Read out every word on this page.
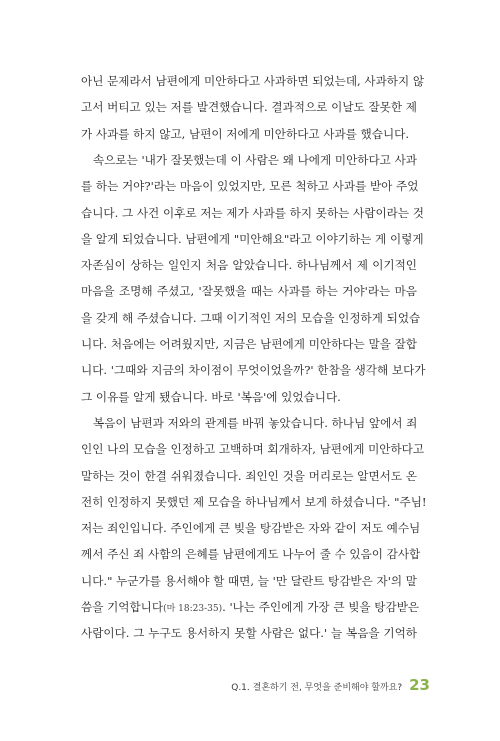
아닌 문제라서 남편에게 미안하다고 사과하면 되었는데, 사과하지 않
고서 버티고 있는 저를 발견했습니다. 결과적으로 이날도 잘못한 제
가 사과를 하지 않고, 남편이 저에게 미안하다고 사과를 했습니다.
속으로는 '내가 잘못했는데 이 사람은 왜 나에게 미안하다고 사과
를 하는 거야?'라는 마음이 있었지만, 모른 척하고 사과를 받아 주었
습니다. 그 사건 이후로 저는 제가 사과를 하지 못하는 사람이라는 것
을 알게 되었습니다. 남편에게 "미안해요"라고 이야기하는 게 이렇게
자존심이 상하는 일인지 처음 알았습니다. 하나님께서 제 이기적인
마음을 조명해 주셨고, '잘못했을 때는 사과를 하는 거야'라는 마음
을 갖게 해 주셨습니다. 그때 이기적인 저의 모습을 인정하게 되었습
니다. 처음에는 어려웠지만, 지금은 남편에게 미안하다는 말을 잘합
니다. '그때와 지금의 차이점이 무엇이었을까?' 한참을 생각해 보다가
그 이유를 알게 됐습니다. 바로 '복음'에 있었습니다.
복음이 남편과 저와의 관계를 바꿔 놓았습니다. 하나님 앞에서 죄
인인 나의 모습을 인정하고 고백하며 회개하자, 남편에게 미안하다고
말하는 것이 한결 쉬워졌습니다. 죄인인 것을 머리로는 알면서도 온
전히 인정하지 못했던 제 모습을 하나님께서 보게 하셨습니다. "주님!
저는 죄인입니다. 주인에게 큰 빚을 탕감받은 자와 같이 저도 예수님
께서 주신 죄 사함의 은혜를 남편에게도 나누어 줄 수 있음이 감사합
니다." 누군가를 용서해야 할 때면, 늘 '만 달란트 탕감받은 자'의 말
씀을 기억합니다(마 18:23-35). '나는 주인에게 가장 큰 빚을 탕감받은
사람이다. 그 누구도 용서하지 못할 사람은 없다.' 늘 복음을 기억하
Q.1. 결혼하기 전, 무엇을 준비해야 할까요? 23
